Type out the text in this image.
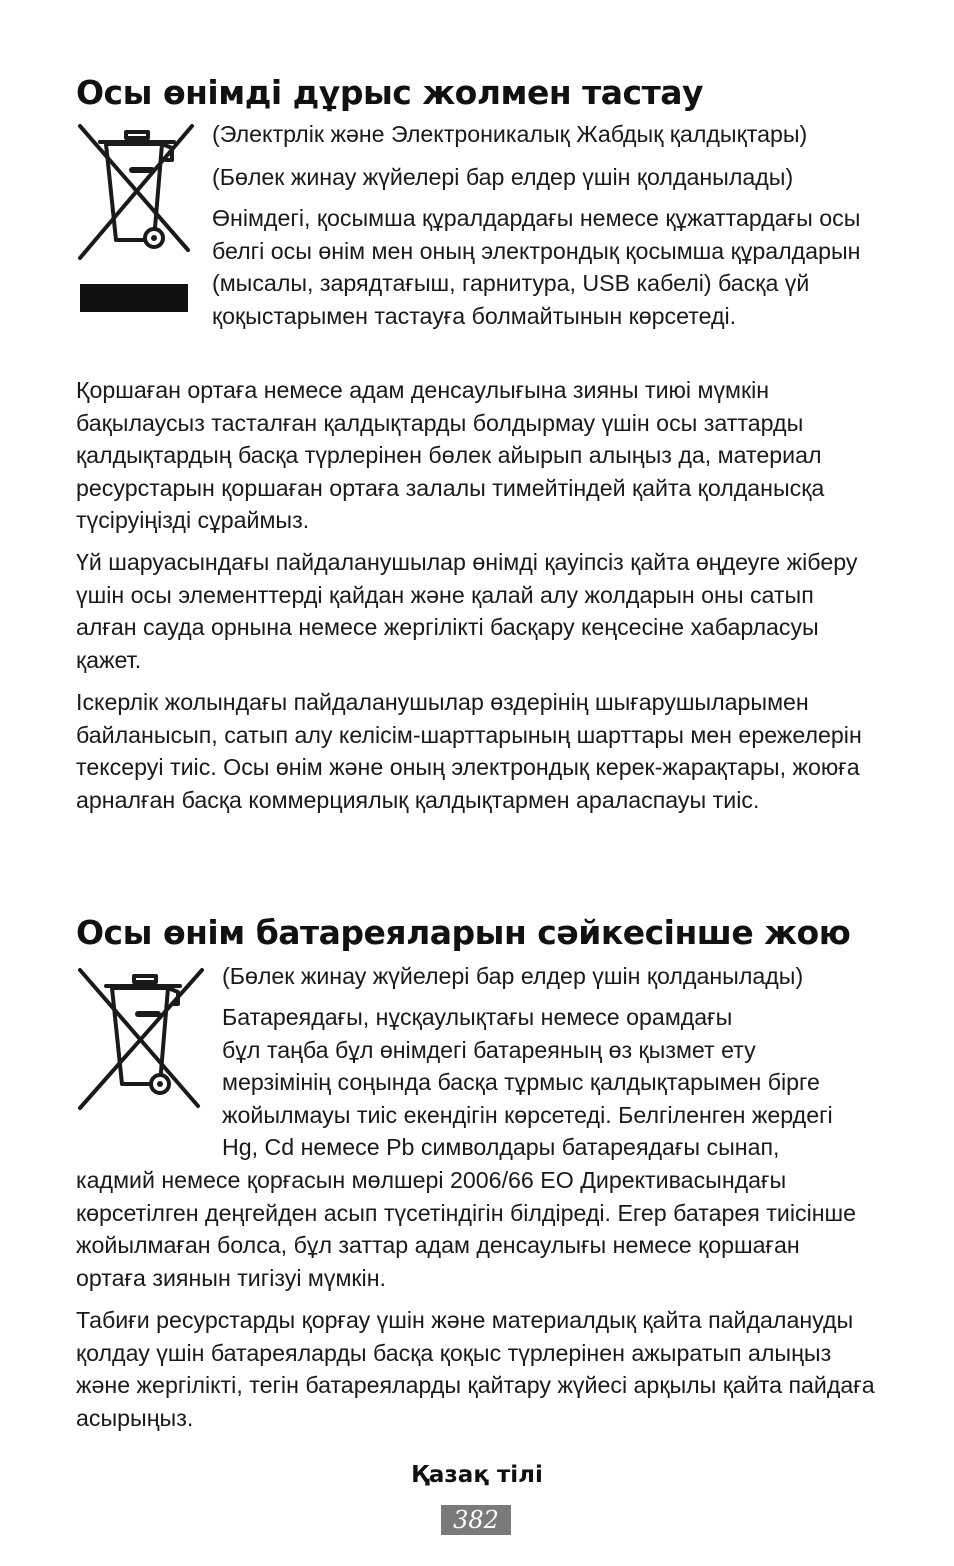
Осы өнімді дұрыс жолмен тастау
(Электрлік және Электроникалық Жабдық қалдықтары)
(Бөлек жинау жүйелері бар елдер үшін қолданылады)

Өнімдегі, қосымша құралдардағы немесе құжаттардағы осы белгі осы өнім мен оның электрондық қосымша құралдарын (мысалы, зарядтағыш, гарнитура, USB кабелі) басқа үй қоқыстарымен тастауға болмайтынын көрсетеді.

Қоршаған ортаға немесе адам денсаулығына зияны тиюі мүмкін бақылаусыз тасталған қалдықтарды болдырмау үшін осы заттарды қалдықтардың басқа түрлерінен бөлек айырып алыңыз да, материал ресурстарын қоршаған ортаға залалы тимейтіндей қайта қолданысқа түсіруіңізді сұраймыз.

Үй шаруасындағы пайдаланушылар өнімді қауіпсіз қайта өңдеуге жіберу үшін осы элементтерді қайдан және қалай алу жолдарын оны сатып алған сауда орнына немесе жергілікті басқару кеңсесіне хабарласуы қажет.

Іскерлік жолындағы пайдаланушылар өздерінің шығарушыларымен байланысып, сатып алу келісім-шарттарының шарттары мен ережелерін тексеруі тиіс. Осы өнім және оның электрондық керек-жарақтары, жоюға арналған басқа коммерциялық қалдықтармен араласпауы тиіс.

Осы өнім батареяларын сәйкесінше жою
(Бөлек жинау жүйелері бар елдер үшін қолданылады)
Батареядағы, нұсқаулықтағы немесе орамдағы
бұл таңба бұл өнімдегі батареяның өз қызмет ету
мерзімінің соңында басқа тұрмыс қалдықтарымен бірге
жойылмауы тиіс екендігін көрсетеді. Белгіленген жердегі
Hg, Cd немесе Pb символдары батареядағы сынап,

кадмий немесе қорғасын мөлшері 2006/66 ЕО Директивасындағы көрсетілген деңгейден асып түсетіндігін білдіреді. Егер батарея тиісінше жойылмаған болса, бұл заттар адам денсаулығы немесе қоршаған ортаға зиянын тигізуі мүмкін.

Табиғи ресурстарды қорғау үшін және материалдық қайта пайдалануды қолдау үшін батареяларды басқа қоқыс түрлерінен ажыратып алыңыз және жергілікті, тегін батареяларды қайтару жүйесі арқылы қайта пайдаға асырыңыз.

Қазақ тілі
382
